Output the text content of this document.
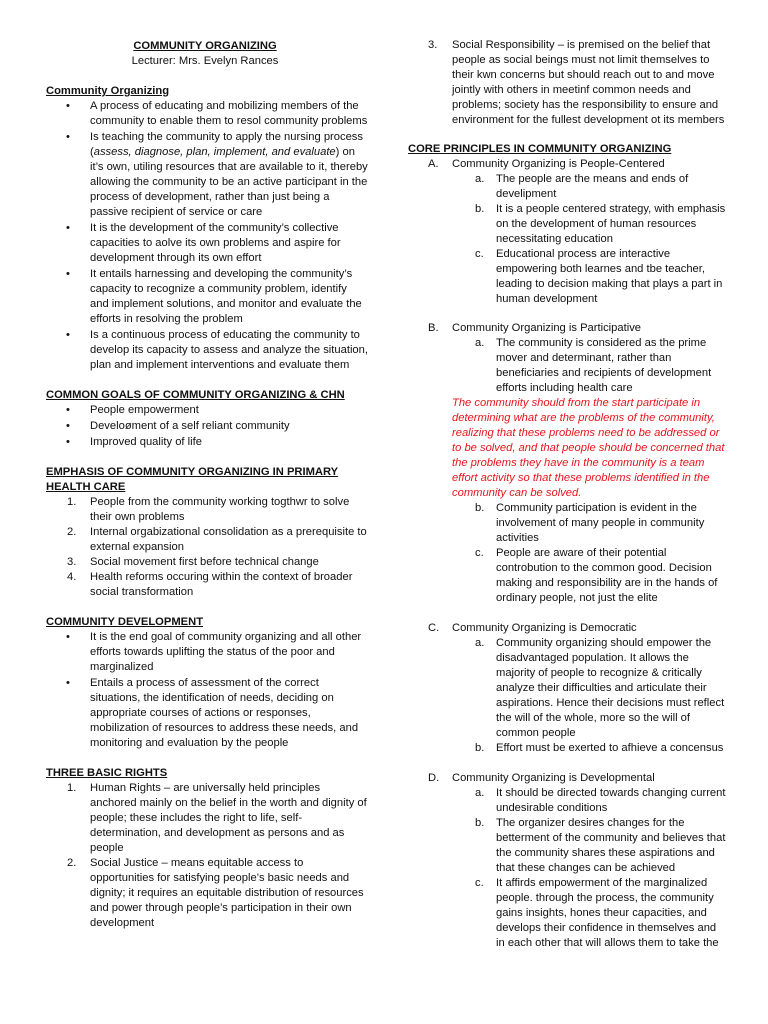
COMMUNITY ORGANIZING
Lecturer: Mrs. Evelyn Rances
Community Organizing
• A process of educating and mobilizing members of the community to enable them to resol community problems
• Is teaching the community to apply the nursing process (assess, diagnose, plan, implement, and evaluate) on it’s own, utiling resources that are available to it, thereby allowing the community to be an active participant in the process of development, rather than just being a passive recipient of service or care
• It is the development of the community’s collective capacities to aolve its own problems and aspire for development through its own effort
• It entails harnessing and developing the community’s capacity to recognize a community problem, identify and implement solutions, and monitor and evaluate the efforts in resolving the problem
• Is a continuous process of educating the community to develop its capacity to assess and analyze the situation, plan and implement interventions and evaluate them
COMMON GOALS OF COMMUNITY ORGANIZING & CHN
• People empowerment
• Develoøment of a self reliant community
• Improved quality of life
EMPHASIS OF COMMUNITY ORGANIZING IN PRIMARY HEALTH CARE
1. People from the community working togthwr to solve their own problems
2. Internal orgabizational consolidation as a prerequisite to external expansion
3. Social movement first before technical change
4. Health reforms occuring within the context of broader social transformation
COMMUNITY DEVELOPMENT
• It is the end goal of community organizing and all other efforts towards uplifting the status of the poor and marginalized
• Entails a process of assessment of the correct situations, the identification of needs, deciding on appropriate courses of actions or responses, mobilization of resources to address these needs, and monitoring and evaluation by the people
THREE BASIC RIGHTS
1. Human Rights – are universally held principles anchored mainly on the belief in the worth and dignity of people; these includes the right to life, self-determination, and development as persons and as people
2. Social Justice – means equitable access to opportunities for satisfying people’s basic needs and dignity; it requires an equitable distribution of resources and power through people’s participation in their own development
3. Social Responsibility – is premised on the belief that people as social beings must not limit themselves to their kwn concerns but should reach out to and move jointly with others in meetinf common needs and problems; society has the responsibility to ensure and environment for the fullest development ot its members
CORE PRINCIPLES IN COMMUNITY ORGANIZING
A. Community Organizing is People-Centered
a. The people are the means and ends of develipment
b. It is a people centered strategy, with emphasis on the development of human resources necessitating education
c. Educational process are interactive empowering both learnes and tbe teacher, leading to decision making that plays a part in human development
B. Community Organizing is Participative
a. The community is considered as the prime mover and determinant, rather than beneficiaries and recipients of development efforts including health care
The community should from the start participate in determining what are the problems of the community, realizing that these problems need to be addressed or to be solved, and that people should be concerned that the problems they have in the community is a team effort activity so that these problems identified in the community can be solved.
b. Community participation is evident in the involvement of many people in community activities
c. People are aware of their potential controbution to the common good. Decision making and responsibility are in the hands of ordinary people, not just the elite
C. Community Organizing is Democratic
a. Community organizing should empower the disadvantaged population. It allows the majority of people to recognize & critically analyze their difficulties and articulate their aspirations. Hence their decisions must reflect the will of the whole, more so the will of common people
b. Effort must be exerted to afhieve a concensus
D. Community Organizing is Developmental
a. It should be directed towards changing current undesirable conditions
b. The organizer desires changes for the betterment of the community and believes that the community shares these aspirations and that these changes can be achieved
c. It affirds empowerment of the marginalized people. through the process, the community gains insights, hones theur capacities, and develops their confidence in themselves and in each other that will allows them to take the
